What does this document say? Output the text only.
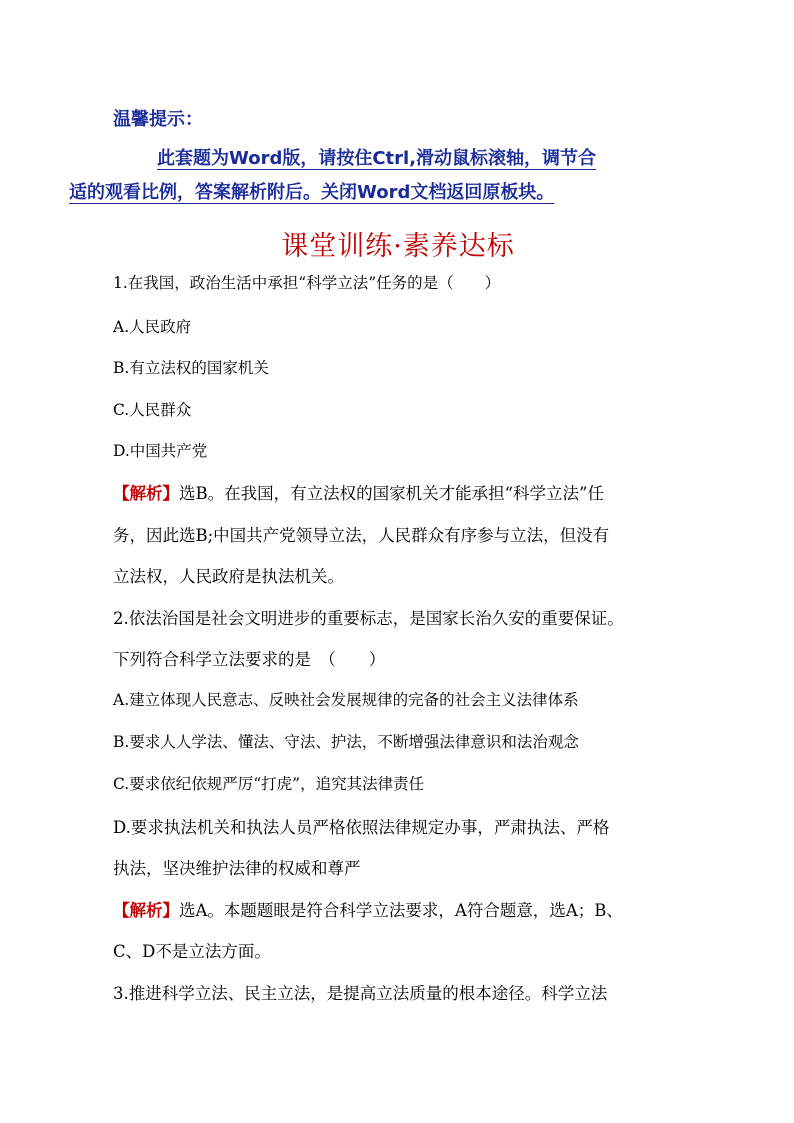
温馨提示：
此套题为Word版，请按住Ctrl,滑动鼠标滚轴，调节合
适的观看比例，答案解析附后。关闭Word文档返回原板块。
课堂训练·素养达标
1.在我国，政治生活中承担“科学立法”任务的是（　　）
A.人民政府
B.有立法权的国家机关
C.人民群众
D.中国共产党
【解析】选B。在我国，有立法权的国家机关才能承担“科学立法”任
务，因此选B;中国共产党领导立法，人民群众有序参与立法，但没有
立法权，人民政府是执法机关。
2.依法治国是社会文明进步的重要标志，是国家长治久安的重要保证。
下列符合科学立法要求的是　（　　）
A.建立体现人民意志、反映社会发展规律的完备的社会主义法律体系
B.要求人人学法、懂法、守法、护法，不断增强法律意识和法治观念
C.要求依纪依规严厉“打虎”，追究其法律责任
D.要求执法机关和执法人员严格依照法律规定办事，严肃执法、严格
执法，坚决维护法律的权威和尊严
【解析】选A。本题题眼是符合科学立法要求，A符合题意，选A；B、
C、D不是立法方面。
3.推进科学立法、民主立法，是提高立法质量的根本途径。科学立法
